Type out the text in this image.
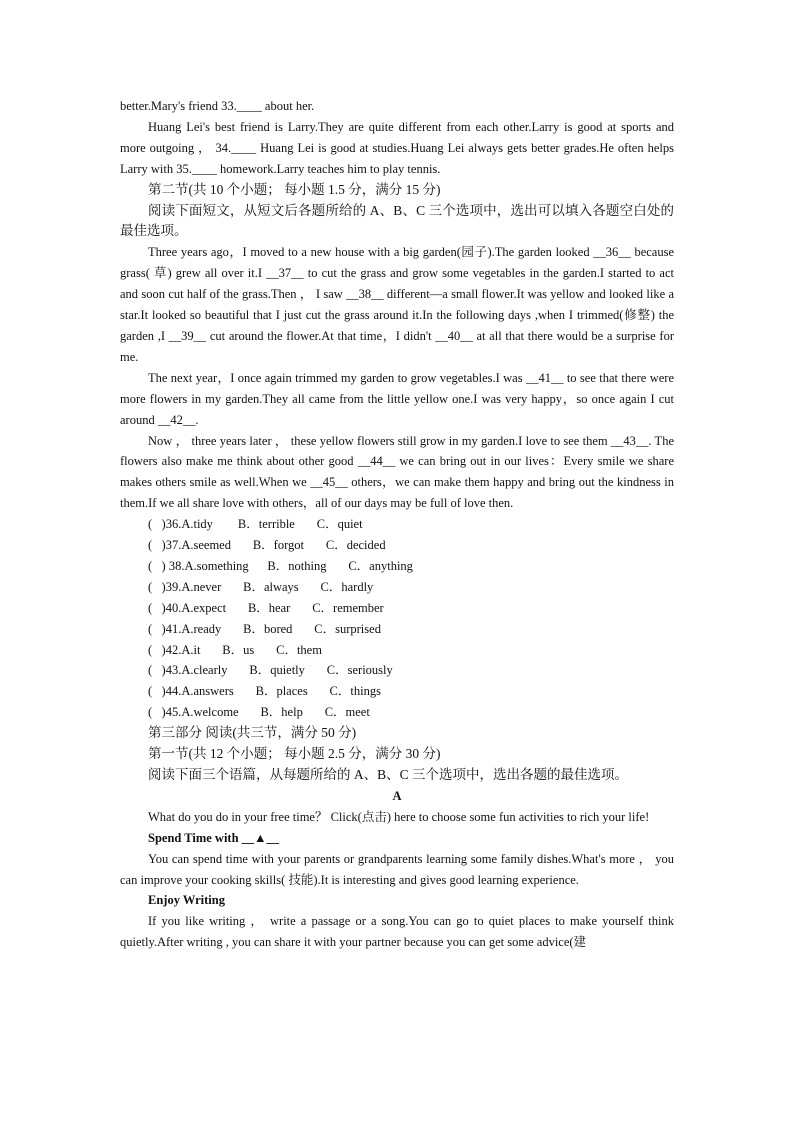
better.Mary's friend 33.____ about her.

Huang Lei's best friend is Larry.They are quite different from each other.Larry is good at sports and more outgoing ， 34.____ Huang Lei is good at studies.Huang Lei always gets better grades.He often helps Larry with 35.____ homework.Larry teaches him to play tennis.

第二节(共 10 个小题； 每小题 1.5 分，满分 15 分)

阅读下面短文，从短文后各题所给的 A、B、C 三个选项中，选出可以填入各题空白处的最佳选项。

Three years ago，I moved to a new house with a big garden(园子).The garden looked __36__ because grass( 草) grew all over it.I __37__ to cut the grass and grow some vegetables in the garden.I started to act and soon cut half of the grass.Then ， I saw __38__ different—a small flower.It was yellow and looked like a star.It looked so beautiful that I just cut the grass around it.In the following days ,when I trimmed(修整) the garden ,I __39__ cut around the flower.At that time，I didn't __40__ at all that there would be a surprise for me.

The next year，I once again trimmed my garden to grow vegetables.I was __41__ to see that there were more flowers in my garden.They all came from the little yellow one.I was very happy，so once again I cut around __42__.

Now ， three years later ， these yellow flowers still grow in my garden.I love to see them __43__. The flowers also make me think about other good __44__ we can bring out in our lives：Every smile we share makes others smile as well.When we __45__ others，we can make them happy and bring out the kindness in them.If we all share love with others，all of our days may be full of love then.

(   )36.A.tidy        B．terrible       C．quiet

(   )37.A.seemed       B．forgot       C．decided

(   ) 38.A.something      B．nothing       C．anything

(   )39.A.never       B．always       C．hardly

(   )40.A.expect       B．hear       C．remember

(   )41.A.ready       B．bored       C．surprised

(   )42.A.it       B．us       C．them

(   )43.A.clearly       B．quietly       C．seriously

(   )44.A.answers       B．places       C．things

(   )45.A.welcome       B．help       C．meet

第三部分 阅读(共三节，满分 50 分)

第一节(共 12 个小题； 每小题 2.5 分，满分 30 分)

阅读下面三个语篇，从每题所给的 A、B、C 三个选项中，选出各题的最佳选项。

A

What do you do in your free time？ Click(点击) here to choose some fun activities to rich your life!

Spend Time with __▲__

You can spend time with your parents or grandparents learning some family dishes.What's more ， you can improve your cooking skills( 技能).It is interesting and gives good learning experience.

Enjoy Writing

If you like writing ， write a passage or a song.You can go to quiet places to make yourself think quietly.After writing , you can share it with your partner because you can get some advice(建
